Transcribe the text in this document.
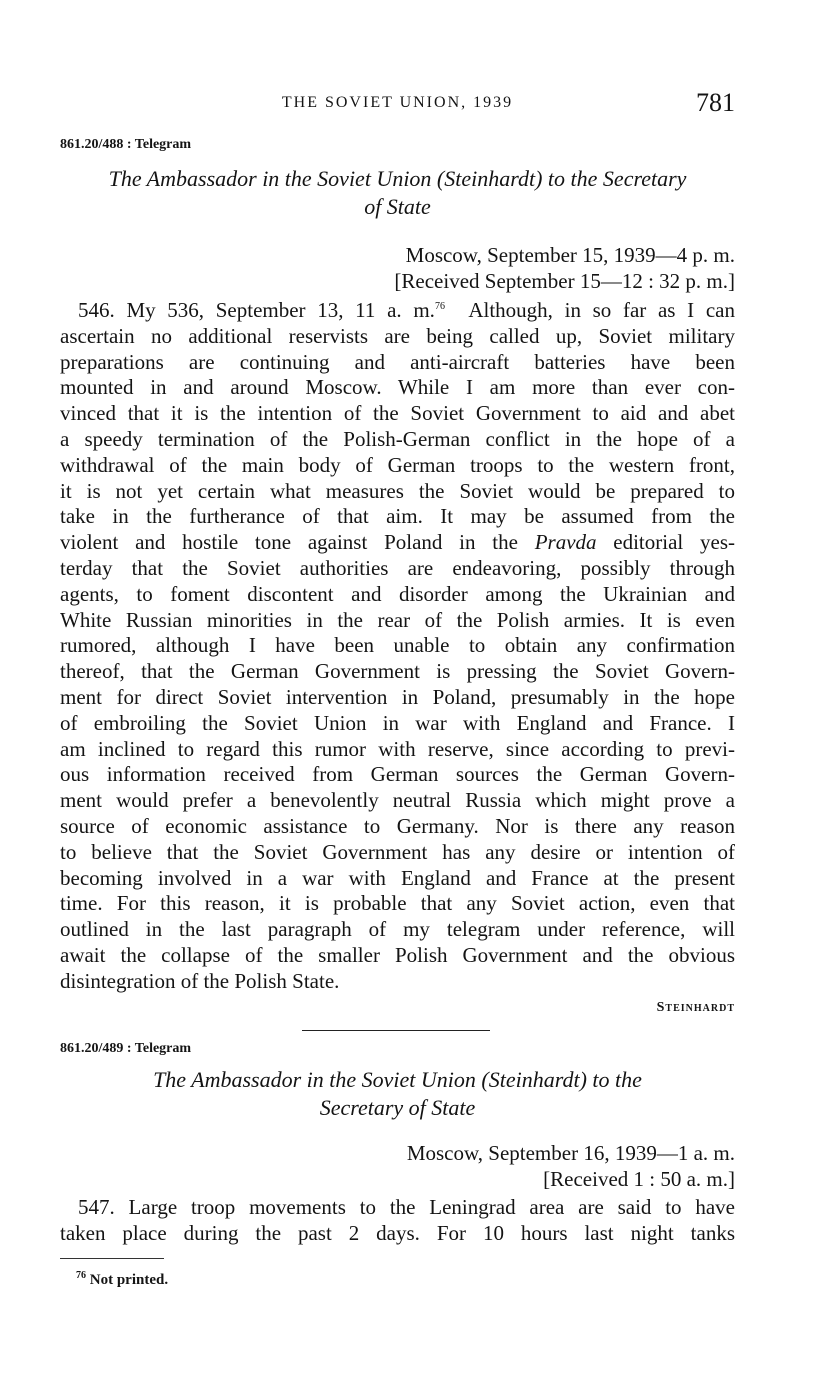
THE SOVIET UNION, 1939	781
861.20/488 : Telegram
The Ambassador in the Soviet Union (Steinhardt) to the Secretary
of State
Moscow, September 15, 1939—4 p. m.
[Received September 15—12 : 32 p. m.]
546. My 536, September 13, 11 a. m.$^{76}$ Although, in so far as I can
ascertain no additional reservists are being called up, Soviet military
preparations are continuing and anti-aircraft batteries have been
mounted in and around Moscow. While I am more than ever con-
vinced that it is the intention of the Soviet Government to aid and abet
a speedy termination of the Polish-German conflict in the hope of a
withdrawal of the main body of German troops to the western front,
it is not yet certain what measures the Soviet would be prepared to
take in the furtherance of that aim. It may be assumed from the
violent and hostile tone against Poland in the Pravda editorial yes-
terday that the Soviet authorities are endeavoring, possibly through
agents, to foment discontent and disorder among the Ukrainian and
White Russian minorities in the rear of the Polish armies. It is even
rumored, although I have been unable to obtain any confirmation
thereof, that the German Government is pressing the Soviet Govern-
ment for direct Soviet intervention in Poland, presumably in the hope
of embroiling the Soviet Union in war with England and France. I
am inclined to regard this rumor with reserve, since according to previ-
ous information received from German sources the German Govern-
ment would prefer a benevolently neutral Russia which might prove a
source of economic assistance to Germany. Nor is there any reason
to believe that the Soviet Government has any desire or intention of
becoming involved in a war with England and France at the present
time. For this reason, it is probable that any Soviet action, even that
outlined in the last paragraph of my telegram under reference, will
await the collapse of the smaller Polish Government and the obvious
disintegration of the Polish State.
Steinhardt
861.20/489 : Telegram
The Ambassador in the Soviet Union (Steinhardt) to the
Secretary of State
Moscow, September 16, 1939—1 a. m.
[Received 1 : 50 a. m.]
547. Large troop movements to the Leningrad area are said to have
taken place during the past 2 days. For 10 hours last night tanks
$^{76}$ Not printed.
